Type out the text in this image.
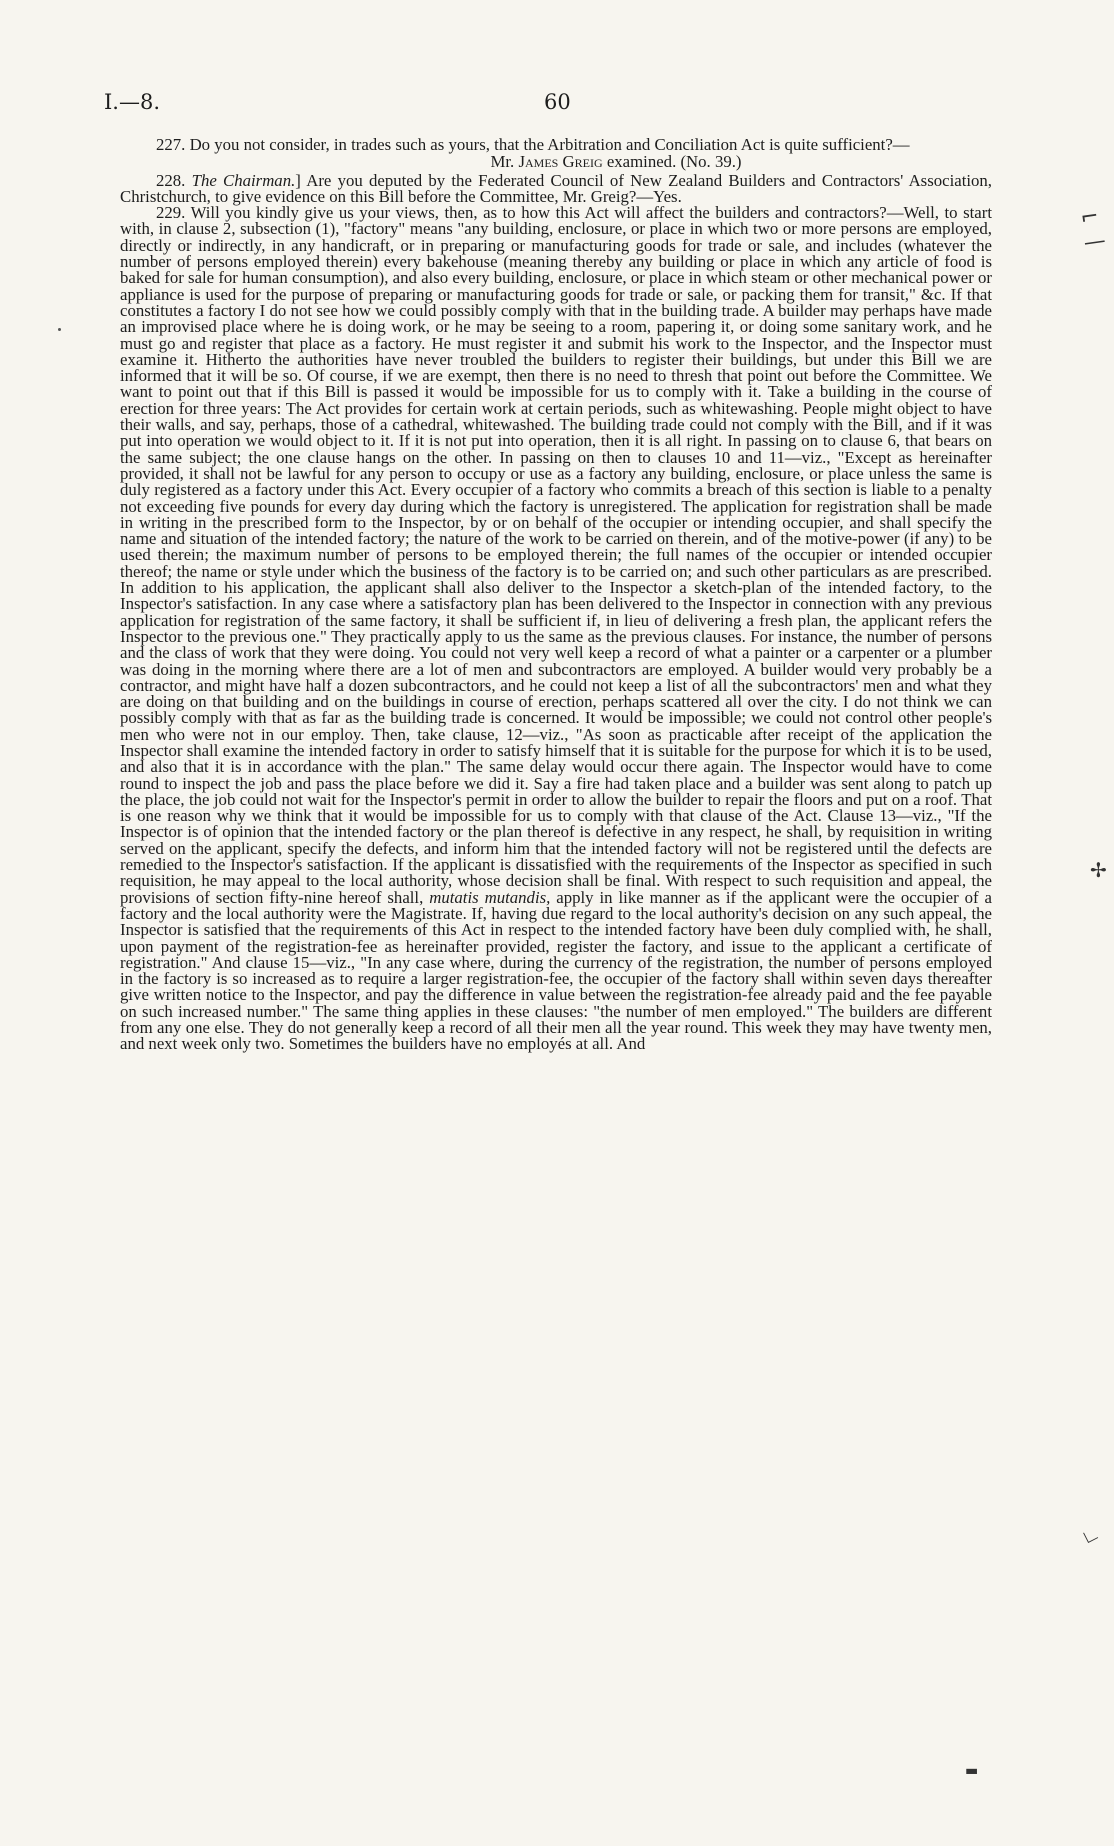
I.—8.	60

227. Do you not consider, in trades such as yours, that the Arbitration and Conciliation Act is quite sufficient?—

Mr. James Greig examined. (No. 39.)

228. The Chairman.] Are you deputed by the Federated Council of New Zealand Builders and Contractors' Association, Christchurch, to give evidence on this Bill before the Committee, Mr. Greig?—Yes.

229. Will you kindly give us your views, then, as to how this Act will affect the builders and contractors?—Well, to start with, in clause 2, subsection (1), "factory" means "any building, enclosure, or place in which two or more persons are employed, directly or indirectly, in any handicraft, or in preparing or manufacturing goods for trade or sale, and includes (whatever the number of persons employed therein) every bakehouse (meaning thereby any building or place in which any article of food is baked for sale for human consumption), and also every building, enclosure, or place in which steam or other mechanical power or appliance is used for the purpose of preparing or manufacturing goods for trade or sale, or packing them for transit," &c. If that constitutes a factory I do not see how we could possibly comply with that in the building trade. A builder may perhaps have made an improvised place where he is doing work, or he may be seeing to a room, papering it, or doing some sanitary work, and he must go and register that place as a factory. He must register it and submit his work to the Inspector, and the Inspector must examine it. Hitherto the authorities have never troubled the builders to register their buildings, but under this Bill we are informed that it will be so. Of course, if we are exempt, then there is no need to thresh that point out before the Committee. We want to point out that if this Bill is passed it would be impossible for us to comply with it. Take a building in the course of erection for three years: The Act provides for certain work at certain periods, such as whitewashing. People might object to have their walls, and say, perhaps, those of a cathedral, whitewashed. The building trade could not comply with the Bill, and if it was put into operation we would object to it. If it is not put into operation, then it is all right. In passing on to clause 6, that bears on the same subject; the one clause hangs on the other. In passing on then to clauses 10 and 11—viz., "Except as hereinafter provided, it shall not be lawful for any person to occupy or use as a factory any building, enclosure, or place unless the same is duly registered as a factory under this Act. Every occupier of a factory who commits a breach of this section is liable to a penalty not exceeding five pounds for every day during which the factory is unregistered. The application for registration shall be made in writing in the prescribed form to the Inspector, by or on behalf of the occupier or intending occupier, and shall specify the name and situation of the intended factory; the nature of the work to be carried on therein, and of the motive-power (if any) to be used therein; the maximum number of persons to be employed therein; the full names of the occupier or intended occupier thereof; the name or style under which the business of the factory is to be carried on; and such other particulars as are prescribed. In addition to his application, the applicant shall also deliver to the Inspector a sketch-plan of the intended factory, to the Inspector's satisfaction. In any case where a satisfactory plan has been delivered to the Inspector in connection with any previous application for registration of the same factory, it shall be sufficient if, in lieu of delivering a fresh plan, the applicant refers the Inspector to the previous one." They practically apply to us the same as the previous clauses. For instance, the number of persons and the class of work that they were doing. You could not very well keep a record of what a painter or a carpenter or a plumber was doing in the morning where there are a lot of men and subcontractors are employed. A builder would very probably be a contractor, and might have half a dozen subcontractors, and he could not keep a list of all the subcontractors' men and what they are doing on that building and on the buildings in course of erection, perhaps scattered all over the city. I do not think we can possibly comply with that as far as the building trade is concerned. It would be impossible; we could not control other people's men who were not in our employ. Then, take clause, 12—viz., "As soon as practicable after receipt of the application the Inspector shall examine the intended factory in order to satisfy himself that it is suitable for the purpose for which it is to be used, and also that it is in accordance with the plan." The same delay would occur there again. The Inspector would have to come round to inspect the job and pass the place before we did it. Say a fire had taken place and a builder was sent along to patch up the place, the job could not wait for the Inspector's permit in order to allow the builder to repair the floors and put on a roof. That is one reason why we think that it would be impossible for us to comply with that clause of the Act. Clause 13—viz., "If the Inspector is of opinion that the intended factory or the plan thereof is defective in any respect, he shall, by requisition in writing served on the applicant, specify the defects, and inform him that the intended factory will not be registered until the defects are remedied to the Inspector's satisfaction. If the applicant is dissatisfied with the requirements of the Inspector as specified in such requisition, he may appeal to the local authority, whose decision shall be final. With respect to such requisition and appeal, the provisions of section fifty-nine hereof shall, mutatis mutandis, apply in like manner as if the applicant were the occupier of a factory and the local authority were the Magistrate. If, having due regard to the local authority's decision on any such appeal, the Inspector is satisfied that the requirements of this Act in respect to the intended factory have been duly complied with, he shall, upon payment of the registration-fee as hereinafter provided, register the factory, and issue to the applicant a certificate of registration." And clause 15—viz., "In any case where, during the currency of the registration, the number of persons employed in the factory is so increased as to require a larger registration-fee, the occupier of the factory shall within seven days thereafter give written notice to the Inspector, and pay the difference in value between the registration-fee already paid and the fee payable on such increased number." The same thing applies in these clauses: "the number of men employed." The builders are different from any one else. They do not generally keep a record of all their men all the year round. This week they may have twenty men, and next week only two. Sometimes the builders have no employés at all. And

⌐—
✢
⌵
▬
